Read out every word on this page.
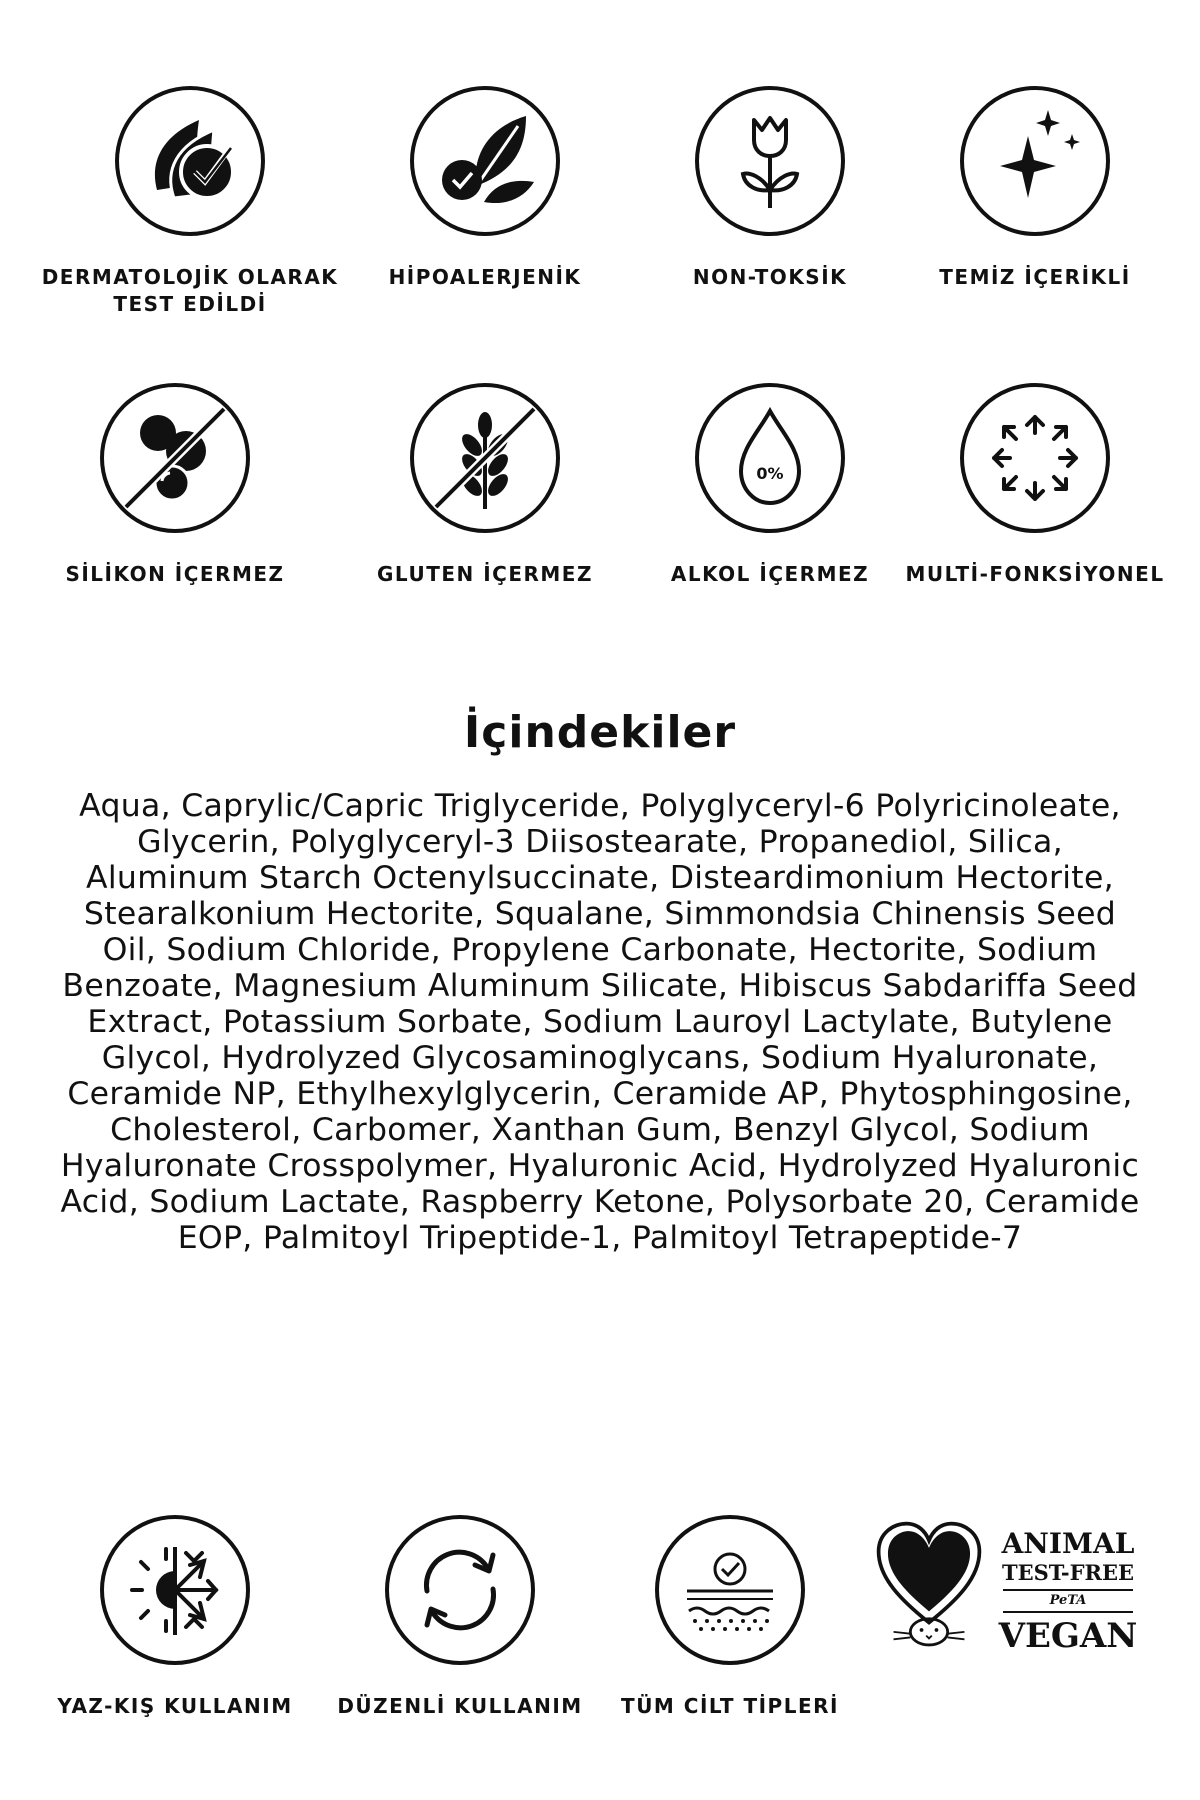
DERMATOLOJİK OLARAK
TEST EDİLDİ
HİPOALERJENİK	NON-TOKSİK	TEMİZ İÇERİKLİ
SİLİKON İÇERMEZ	GLUTEN İÇERMEZ
0%
ALKOL İÇERMEZ	MULTİ-FONKSİYONEL
İçindekiler

Aqua, Caprylic/Capric Triglyceride, Polyglyceryl-6 Polyricinoleate, Glycerin, Polyglyceryl-3 Diisostearate, Propanediol, Silica, Aluminum Starch Octenylsuccinate, Disteardimonium Hectorite, Stearalkonium Hectorite, Squalane, Simmondsia Chinensis Seed Oil, Sodium Chloride, Propylene Carbonate, Hectorite, Sodium Benzoate, Magnesium Aluminum Silicate, Hibiscus Sabdariffa Seed Extract, Potassium Sorbate, Sodium Lauroyl Lactylate, Butylene Glycol, Hydrolyzed Glycosaminoglycans, Sodium Hyaluronate, Ceramide NP, Ethylhexylglycerin, Ceramide AP, Phytosphingosine, Cholesterol, Carbomer, Xanthan Gum, Benzyl Glycol, Sodium Hyaluronate Crosspolymer, Hyaluronic Acid, Hydrolyzed Hyaluronic Acid, Sodium Lactate, Raspberry Ketone, Polysorbate 20, Ceramide EOP, Palmitoyl Tripeptide-1, Palmitoyl Tetrapeptide-7

YAZ-KIŞ KULLANIM	DÜZENLİ KULLANIM	TÜM CİLT TİPLERİ
ANIMAL
TEST-FREE
PeTA
VEGAN
